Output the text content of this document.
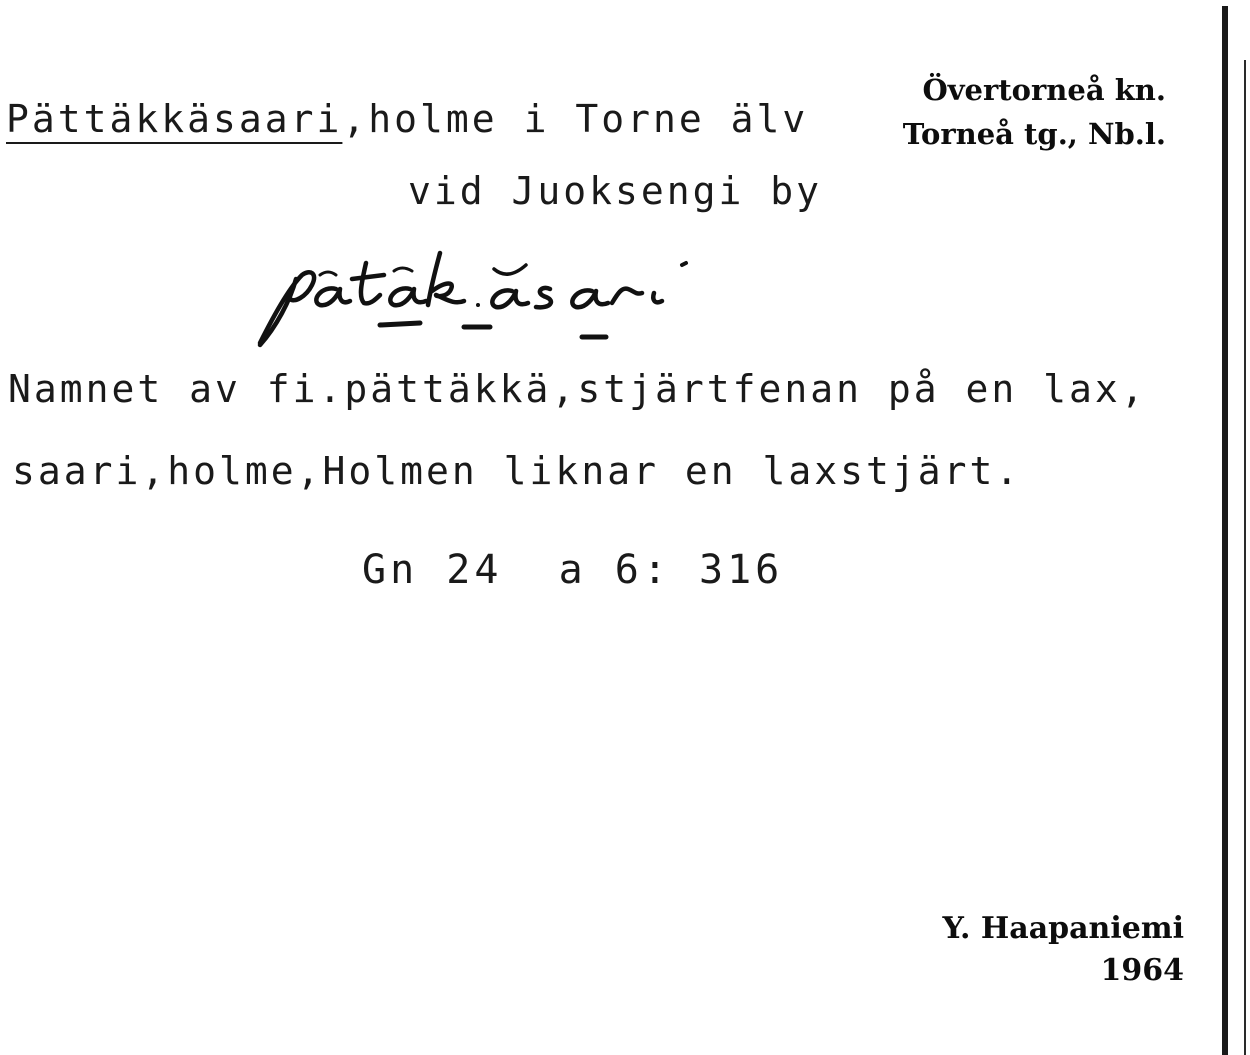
Pättäkkäsaari,holme i Torne älv
vid Juoksengi by
Övertorneå kn.
Torneå tg., Nb.l.
Namnet av fi.pättäkkä,stjärtfenan på en lax,
saari,holme,Holmen liknar en laxstjärt.
Gn 24  a 6: 316
Y. Haapaniemi
1964
